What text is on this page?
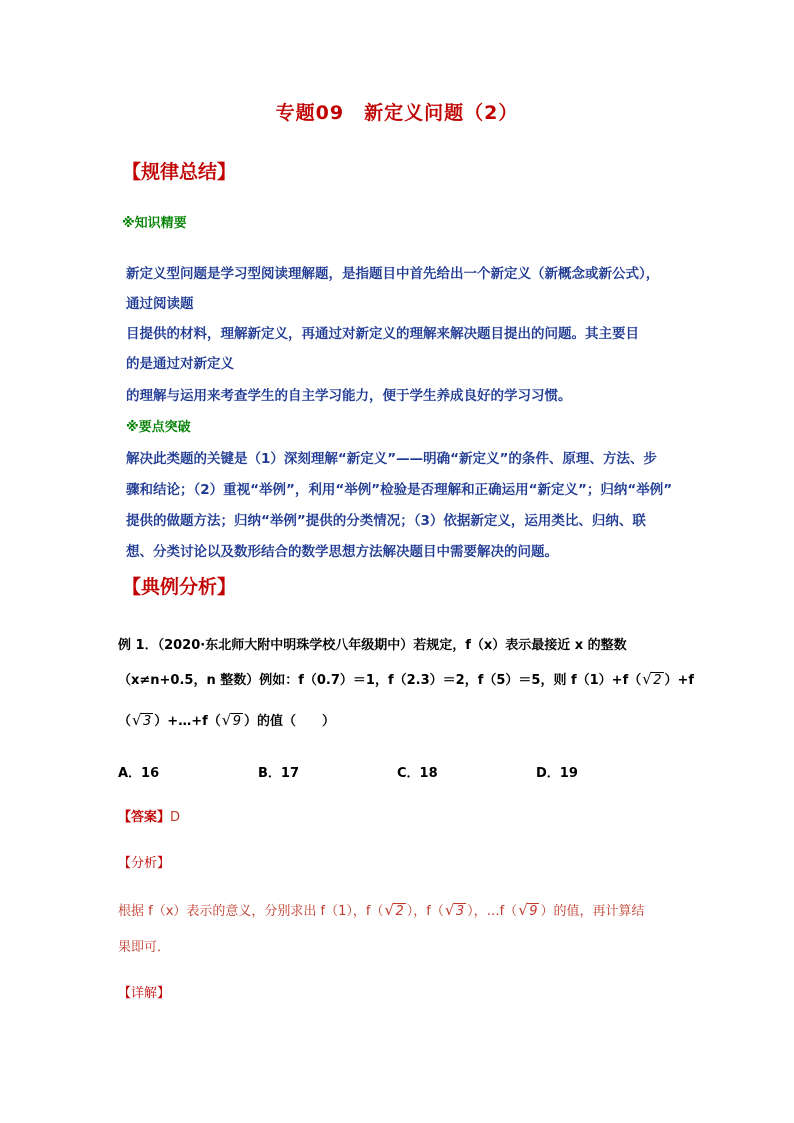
专题09　新定义问题（2）
【规律总结】
※知识精要
新定义型问题是学习型阅读理解题，是指题目中首先给出一个新定义（新概念或新公式），
通过阅读题
目提供的材料，理解新定义，再通过对新定义的理解来解决题目提出的问题。其主要目
的是通过对新定义
的理解与运用来考查学生的自主学习能力，便于学生养成良好的学习习惯。
※要点突破
解决此类题的关键是（1）深刻理解“新定义”——明确“新定义”的条件、原理、方法、步
骤和结论；（2）重视“举例”，利用“举例”检验是否理解和正确运用“新定义”；归纳“举例”
提供的做题方法；归纳“举例”提供的分类情况；（3）依据新定义，运用类比、归纳、联
想、分类讨论以及数形结合的数学思想方法解决题目中需要解决的问题。
【典例分析】
例 1．（2020·东北师大附中明珠学校八年级期中）若规定，f（x）表示最接近 x 的整数
（x≠n+0.5，n 整数）例如：f（0.7）＝1，f（2.3）＝2，f（5）＝5，则 f（1）+f（ √ 2 ）+f
（ √ 3 ）+…+f（ √ 9 ）的值（　　）
A．16	B．17	C．18	D．19
【答案】D
【分析】
根据 f（x）表示的意义，分别求出 f（1），f（ √ 2 ），f（ √ 3 ），…f（ √ 9 ）的值，再计算结
果即可．
【详解】
